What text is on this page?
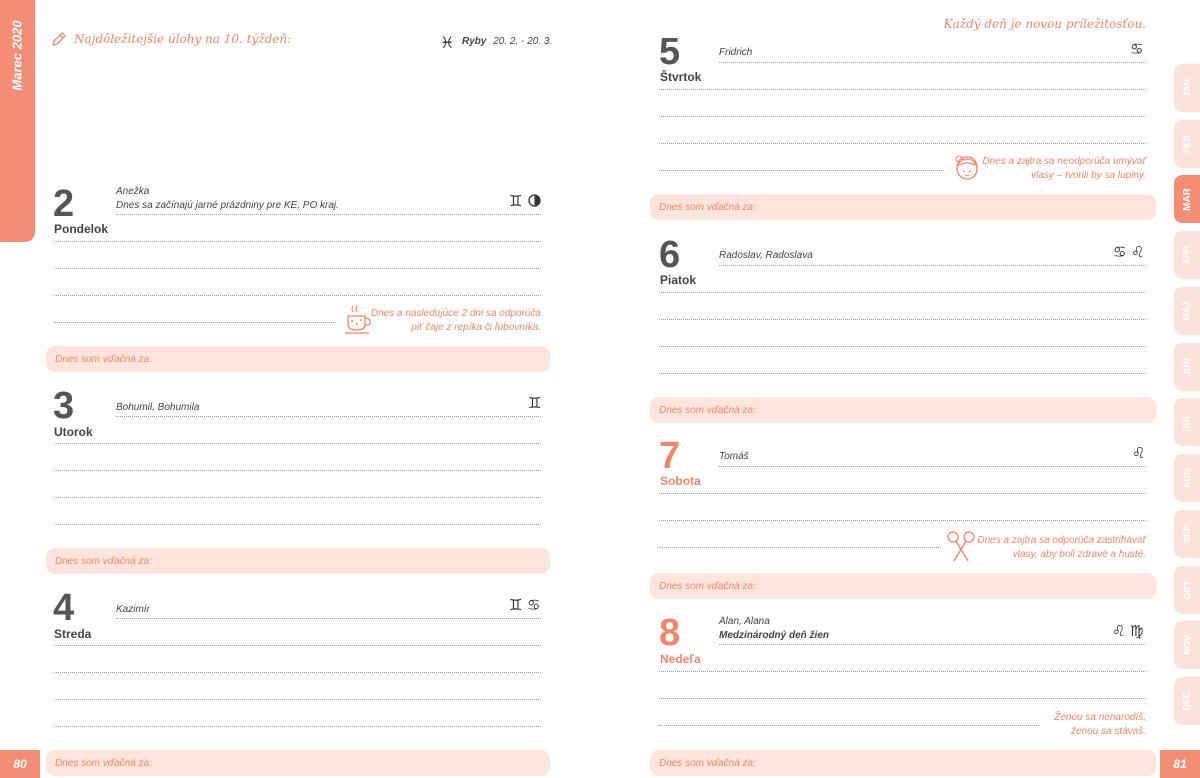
Marec 2020
80
Najdôležitejšie úlohy na 10. týždeň:	♓ Ryby 20. 2. - 20. 3.
2
Pondelok
Anežka
Dnes sa začínajú jarné prázdniny pre KE, PO kraj.	♊
Dnes a nasledujúce 2 dni sa odporúča
piť čaje z repíka či ľubovníka.
Dnes som vďačná za:
3
Utorok
Bohumil, Bohumila	♊
Dnes som vďačná za:
4
Streda
Kazimír	♊ ♋
Dnes som vďačná za:
Každý deň je novou príležitosťou.
81
5
Štvrtok
Fridrich	♋
Dnes a zajtra sa neodporúča umývať
vlasy – tvorili by sa lupiny.
Dnes som vďačná za:
6
Piatok
Radoslav, Radoslava	♋ ♌
Dnes som vďačná za:
7
Sobota
Tomáš	♌
Dnes a zajtra sa odporúča zastrihávať
vlasy, aby boli zdravé a husté.
Dnes som vďačná za:
8
Nedeľa
Alan, Alana
Medzinárodný deň žien	♌ ♍
Ženou sa nenarodíš,
ženou sa stávaš.
Dnes som vďačná za:
JAN
FEB
MAR
APR
MÁJ
JÚN
JÚL
AUG
SEP
OKT
NOV
DEC
